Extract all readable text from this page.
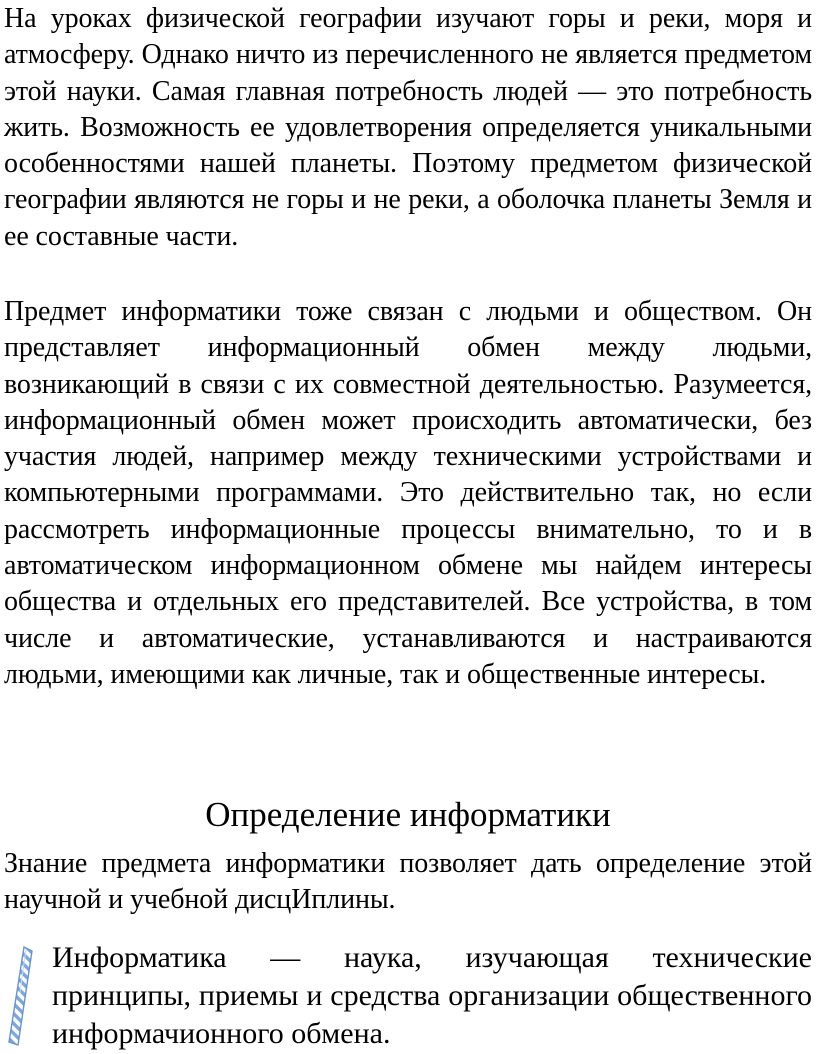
На уроках физической географии изучают горы и реки, моря и атмосферу. Однако ничто из перечисленного не является предметом этой науки. Самая главная потребность людей — это потребность жить. Возможность ее удовлетворения определяется уникальными особенностями нашей планеты. Поэтому предметом физической географии являются не горы и не реки, а оболочка планеты Земля и ее составные части.

Предмет информатики тоже связан с людьми и обществом. Он представляет информационный обмен между людьми, возникающий в связи с их совместной деятельностью. Разумеется, информационный обмен может происходить автоматически, без участия людей, например между техническими устройствами и компьютерными программами. Это действительно так, но если рассмотреть информационные процессы внимательно, то и в автоматическом информационном обмене мы найдем интересы общества и отдельных его представителей. Все устройства, в том числе и автоматические, устанавливаются и настраиваются людьми, имеющими как личные, так и общественные интересы.

Определение информатики

Знание предмета информатики позволяет дать определение этой научной и учебной дисцИплины.

Информатика — наука, изучающая технические принципы, приемы и средства организации общественного информачионного обмена.
